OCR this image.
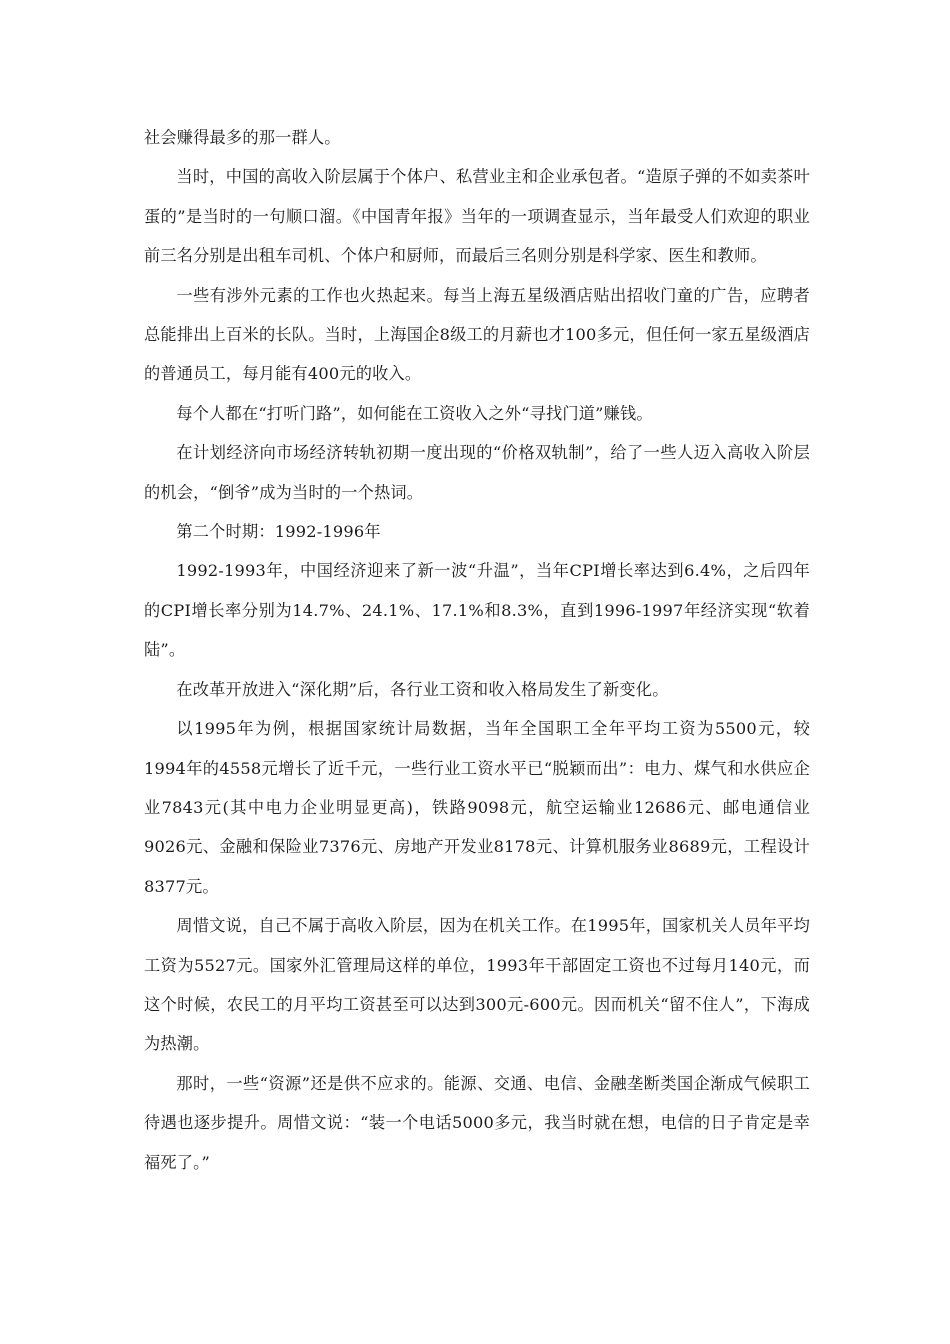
社会赚得最多的那一群人。

当时，中国的高收入阶层属于个体户、私营业主和企业承包者。“造原子弹的不如卖茶叶蛋的”是当时的一句顺口溜。《中国青年报》当年的一项调查显示，当年最受人们欢迎的职业前三名分别是出租车司机、个体户和厨师，而最后三名则分别是科学家、医生和教师。

一些有涉外元素的工作也火热起来。每当上海五星级酒店贴出招收门童的广告，应聘者总能排出上百米的长队。当时，上海国企8级工的月薪也才100多元，但任何一家五星级酒店的普通员工，每月能有400元的收入。

每个人都在“打听门路”，如何能在工资收入之外“寻找门道”赚钱。

在计划经济向市场经济转轨初期一度出现的“价格双轨制”，给了一些人迈入高收入阶层的机会，“倒爷”成为当时的一个热词。

第二个时期：1992-1996年

1992-1993年，中国经济迎来了新一波“升温”，当年CPI增长率达到6.4%，之后四年的CPI增长率分别为14.7%、24.1%、17.1%和8.3%，直到1996-1997年经济实现“软着陆”。

在改革开放进入“深化期”后，各行业工资和收入格局发生了新变化。

以1995年为例，根据国家统计局数据，当年全国职工全年平均工资为5500元，较1994年的4558元增长了近千元，一些行业工资水平已“脱颖而出”：电力、煤气和水供应企业7843元(其中电力企业明显更高)，铁路9098元，航空运输业12686元、邮电通信业9026元、金融和保险业7376元、房地产开发业8178元、计算机服务业8689元，工程设计8377元。

周惜文说，自己不属于高收入阶层，因为在机关工作。在1995年，国家机关人员年平均工资为5527元。国家外汇管理局这样的单位，1993年干部固定工资也不过每月140元，而这个时候，农民工的月平均工资甚至可以达到300元-600元。因而机关“留不住人”，下海成为热潮。

那时，一些“资源”还是供不应求的。能源、交通、电信、金融垄断类国企渐成气候职工待遇也逐步提升。周惜文说：“装一个电话5000多元，我当时就在想，电信的日子肯定是幸福死了。”
